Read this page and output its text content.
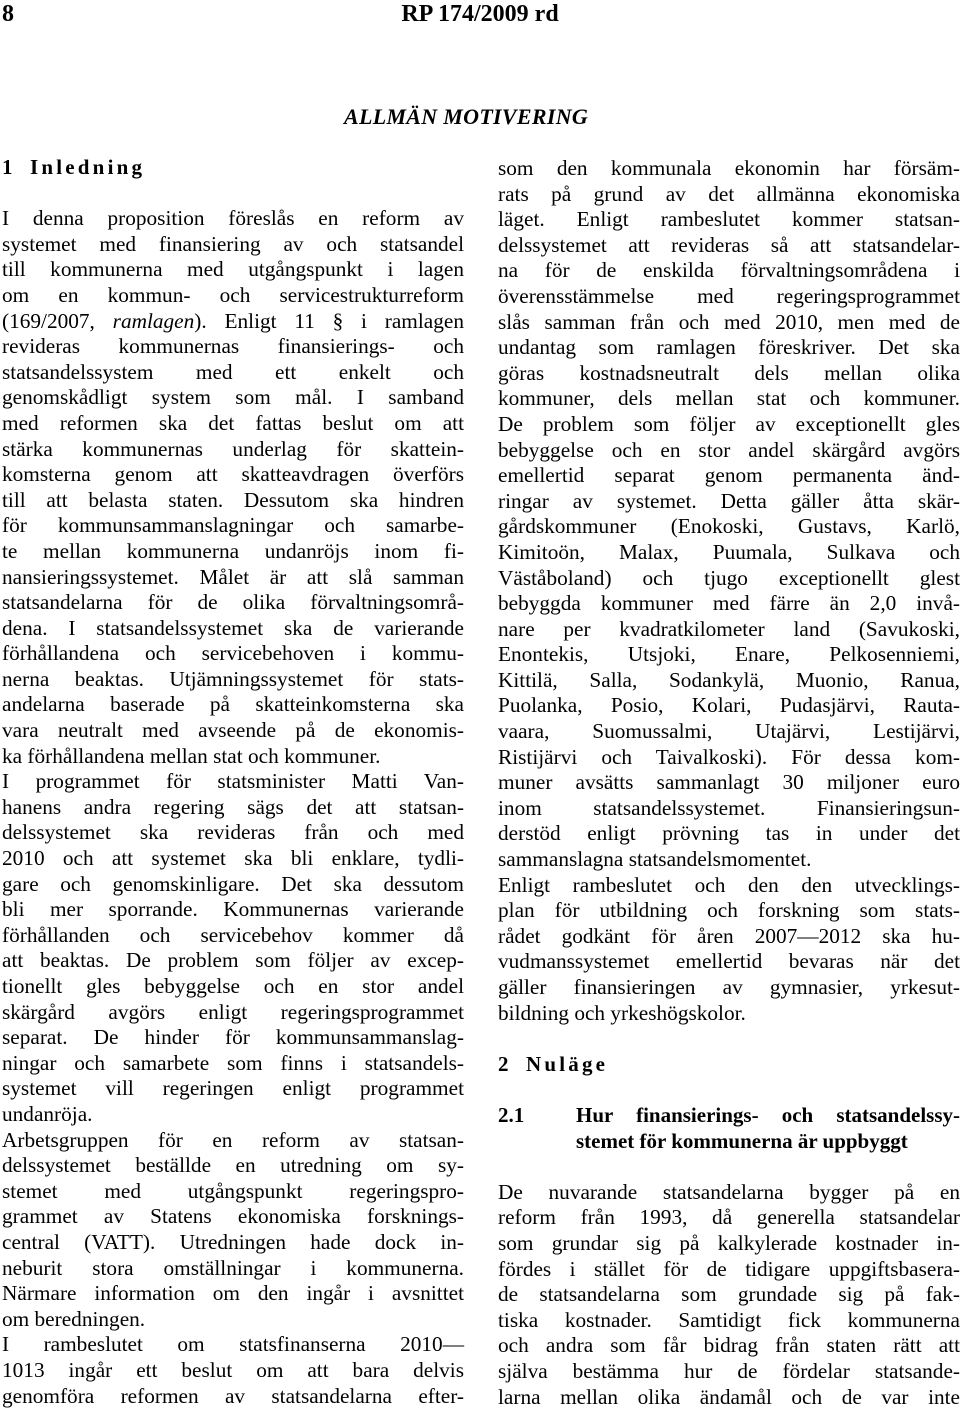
8	RP 174/2009 rd
ALLMÄN MOTIVERING
1 Inledning
I denna proposition föreslås en reform av
systemet med finansiering av och statsandel
till kommunerna med utgångspunkt i lagen
om en kommun- och servicestrukturreform
(169/2007, ramlagen). Enligt 11 § i ramlagen
revideras kommunernas finansierings- och
statsandelssystem med ett enkelt och
genomskådligt system som mål. I samband
med reformen ska det fattas beslut om att
stärka kommunernas underlag för skattein-
komsterna genom att skatteavdragen överförs
till att belasta staten. Dessutom ska hindren
för kommunsammanslagningar och samarbe-
te mellan kommunerna undanröjs inom fi-
nansieringssystemet. Målet är att slå samman
statsandelarna för de olika förvaltningsområ-
dena. I statsandelssystemet ska de varierande
förhållandena och servicebehoven i kommu-
nerna beaktas. Utjämningssystemet för stats-
andelarna baserade på skatteinkomsterna ska
vara neutralt med avseende på de ekonomis-
ka förhållandena mellan stat och kommuner.
I programmet för statsminister Matti Van-
hanens andra regering sägs det att statsan-
delssystemet ska revideras från och med
2010 och att systemet ska bli enklare, tydli-
gare och genomskinligare. Det ska dessutom
bli mer sporrande. Kommunernas varierande
förhållanden och servicebehov kommer då
att beaktas. De problem som följer av excep-
tionellt gles bebyggelse och en stor andel
skärgård avgörs enligt regeringsprogrammet
separat. De hinder för kommunsammanslag-
ningar och samarbete som finns i statsandels-
systemet vill regeringen enligt programmet
undanröja.
Arbetsgruppen för en reform av statsan-
delssystemet beställde en utredning om sy-
stemet med utgångspunkt regeringspro-
grammet av Statens ekonomiska forsknings-
central (VATT). Utredningen hade dock in-
neburit stora omställningar i kommunerna.
Närmare information om den ingår i avsnittet
om beredningen.
I rambeslutet om statsfinanserna 2010—
1013 ingår ett beslut om att bara delvis
genomföra reformen av statsandelarna efter-
som den kommunala ekonomin har försäm-
rats på grund av det allmänna ekonomiska
läget. Enligt rambeslutet kommer statsan-
delssystemet att revideras så att statsandelar-
na för de enskilda förvaltningsområdena i
överensstämmelse med regeringsprogrammet
slås samman från och med 2010, men med de
undantag som ramlagen föreskriver. Det ska
göras kostnadsneutralt dels mellan olika
kommuner, dels mellan stat och kommuner.
De problem som följer av exceptionellt gles
bebyggelse och en stor andel skärgård avgörs
emellertid separat genom permanenta änd-
ringar av systemet. Detta gäller åtta skär-
gårdskommuner (Enokoski, Gustavs, Karlö,
Kimitoön, Malax, Puumala, Sulkava och
Väståboland) och tjugo exceptionellt glest
bebyggda kommuner med färre än 2,0 invå-
nare per kvadratkilometer land (Savukoski,
Enontekis, Utsjoki, Enare, Pelkosenniemi,
Kittilä, Salla, Sodankylä, Muonio, Ranua,
Puolanka, Posio, Kolari, Pudasjärvi, Rauta-
vaara, Suomussalmi, Utajärvi, Lestijärvi,
Ristijärvi och Taivalkoski). För dessa kom-
muner avsätts sammanlagt 30 miljoner euro
inom statsandelssystemet. Finansieringsun-
derstöd enligt prövning tas in under det
sammanslagna statsandelsmomentet.
Enligt rambeslutet och den den utvecklings-
plan för utbildning och forskning som stats-
rådet godkänt för åren 2007—2012 ska hu-
vudmanssystemet emellertid bevaras när det
gäller finansieringen av gymnasier, yrkesut-
bildning och yrkeshögskolor.
2 Nuläge
2.1	Hur finansierings- och statsandelssy-
stemet för kommunerna är uppbyggt
De nuvarande statsandelarna bygger på en
reform från 1993, då generella statsandelar
som grundar sig på kalkylerade kostnader in-
fördes i stället för de tidigare uppgiftsbasera-
de statsandelarna som grundade sig på fak-
tiska kostnader. Samtidigt fick kommunerna
och andra som får bidrag från staten rätt att
själva bestämma hur de fördelar statsande-
larna mellan olika ändamål och de var inte
